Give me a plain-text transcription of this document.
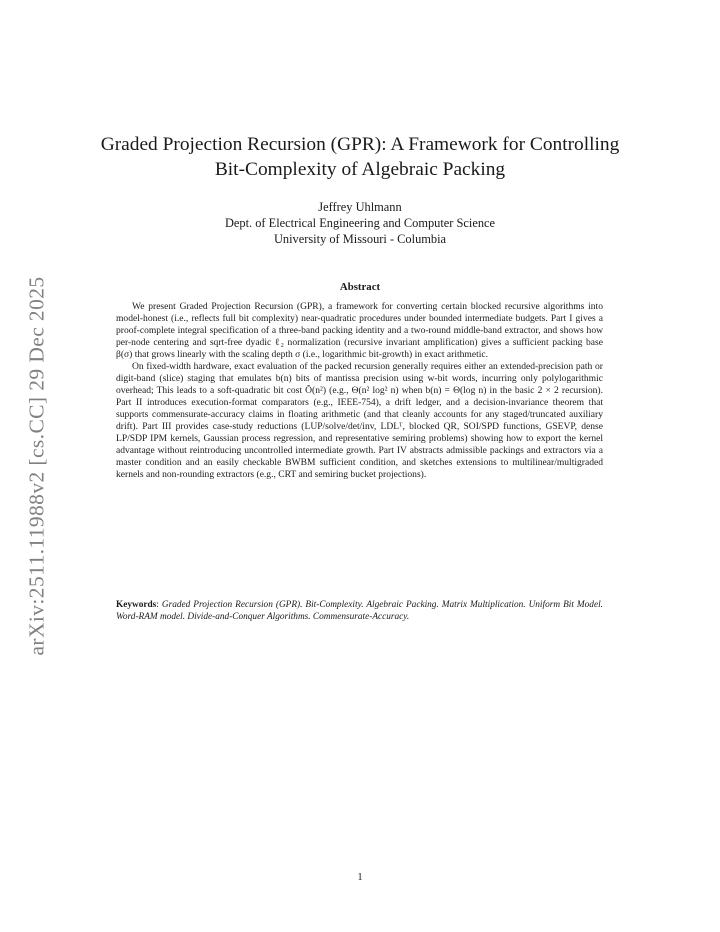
arXiv:2511.11988v2 [cs.CC] 29 Dec 2025
Graded Projection Recursion (GPR): A Framework for Controlling Bit-Complexity of Algebraic Packing
Jeffrey Uhlmann
Dept. of Electrical Engineering and Computer Science
University of Missouri - Columbia
Abstract

We present Graded Projection Recursion (GPR), a framework for converting certain blocked recursive algorithms into model-honest (i.e., reflects full bit complexity) near-quadratic procedures under bounded intermediate budgets. Part I gives a proof-complete integral specification of a three-band packing identity and a two-round middle-band extractor, and shows how per-node centering and sqrt-free dyadic ℓ₂ normalization (recursive invariant amplification) gives a sufficient packing base β(σ) that grows linearly with the scaling depth σ (i.e., logarithmic bit-growth) in exact arithmetic.

On fixed-width hardware, exact evaluation of the packed recursion generally requires either an extended-precision path or digit-band (slice) staging that emulates b(n) bits of mantissa precision using w-bit words, incurring only polylogarithmic overhead; This leads to a soft-quadratic bit cost Õ(n²) (e.g., Θ(n² log² n) when b(n) = Θ(log n) in the basic 2 × 2 recursion). Part II introduces execution-format comparators (e.g., IEEE-754), a drift ledger, and a decision-invariance theorem that supports commensurate-accuracy claims in floating arithmetic (and that cleanly accounts for any staged/truncated auxiliary drift). Part III provides case-study reductions (LUP/solve/det/inv, LDLᵀ, blocked QR, SOI/SPD functions, GSEVP, dense LP/SDP IPM kernels, Gaussian process regression, and representative semiring problems) showing how to export the kernel advantage without reintroducing uncontrolled intermediate growth. Part IV abstracts admissible packings and extractors via a master condition and an easily checkable BWBM sufficient condition, and sketches extensions to multilinear/multigraded kernels and non-rounding extractors (e.g., CRT and semiring bucket projections).

Keywords: Graded Projection Recursion (GPR). Bit-Complexity. Algebraic Packing. Matrix Multiplication. Uniform Bit Model. Word-RAM model. Divide-and-Conquer Algorithms. Commensurate-Accuracy.
1
